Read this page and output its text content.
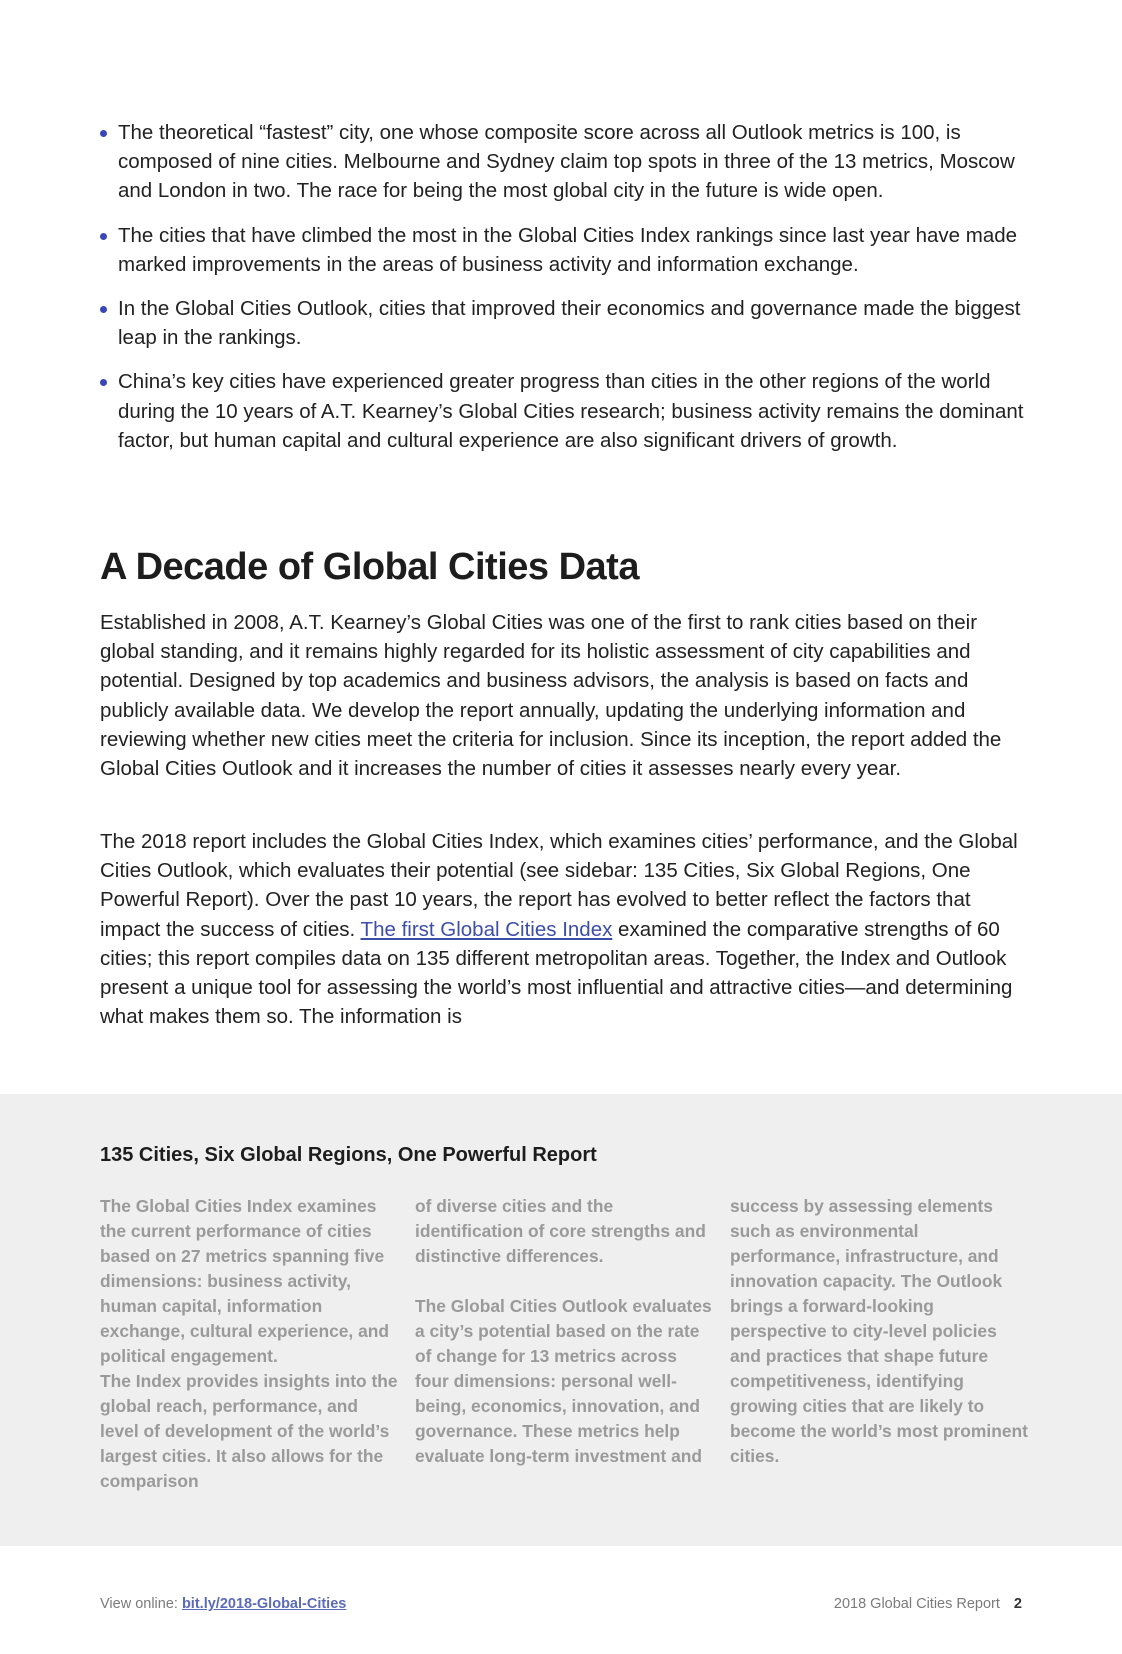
The theoretical “fastest” city, one whose composite score across all Outlook metrics is 100, is composed of nine cities. Melbourne and Sydney claim top spots in three of the 13 metrics, Moscow and London in two. The race for being the most global city in the future is wide open.
The cities that have climbed the most in the Global Cities Index rankings since last year have made marked improvements in the areas of business activity and information exchange.
In the Global Cities Outlook, cities that improved their economics and governance made the biggest leap in the rankings.
China’s key cities have experienced greater progress than cities in the other regions of the world during the 10 years of A.T. Kearney’s Global Cities research; business activity remains the dominant factor, but human capital and cultural experience are also significant drivers of growth.
A Decade of Global Cities Data

Established in 2008, A.T. Kearney’s Global Cities was one of the first to rank cities based on their global standing, and it remains highly regarded for its holistic assessment of city capabilities and potential. Designed by top academics and business advisors, the analysis is based on facts and publicly available data. We develop the report annually, updating the underlying information and reviewing whether new cities meet the criteria for inclusion. Since its inception, the report added the Global Cities Outlook and it increases the number of cities it assesses nearly every year.

The 2018 report includes the Global Cities Index, which examines cities’ performance, and the Global Cities Outlook, which evaluates their potential (see sidebar: 135 Cities, Six Global Regions, One Powerful Report). Over the past 10 years, the report has evolved to better reflect the factors that impact the success of cities. The first Global Cities Index examined the comparative strengths of 60 cities; this report compiles data on 135 different metropolitan areas. Together, the Index and Outlook present a unique tool for assessing the world’s most influential and attractive cities—and determining what makes them so. The information is

135 Cities, Six Global Regions, One Powerful Report

The Global Cities Index examines the current performance of cities based on 27 metrics spanning five dimensions: business activity, human capital, information exchange, cultural experience, and political engagement.

The Index provides insights into the global reach, performance, and level of development of the world’s largest cities. It also allows for the comparison

of diverse cities and the identification of core strengths and distinctive differences.

The Global Cities Outlook evaluates a city’s potential based on the rate of change for 13 metrics across four dimensions: personal well-being, economics, innovation, and governance. These metrics help evaluate long-term investment and

success by assessing elements such as environmental performance, infrastructure, and innovation capacity. The Outlook brings a forward-looking perspective to city-level policies and practices that shape future competitiveness, identifying growing cities that are likely to become the world’s most prominent cities.

View online: bit.ly/2018-Global-Cities	2018 Global Cities Report 2
